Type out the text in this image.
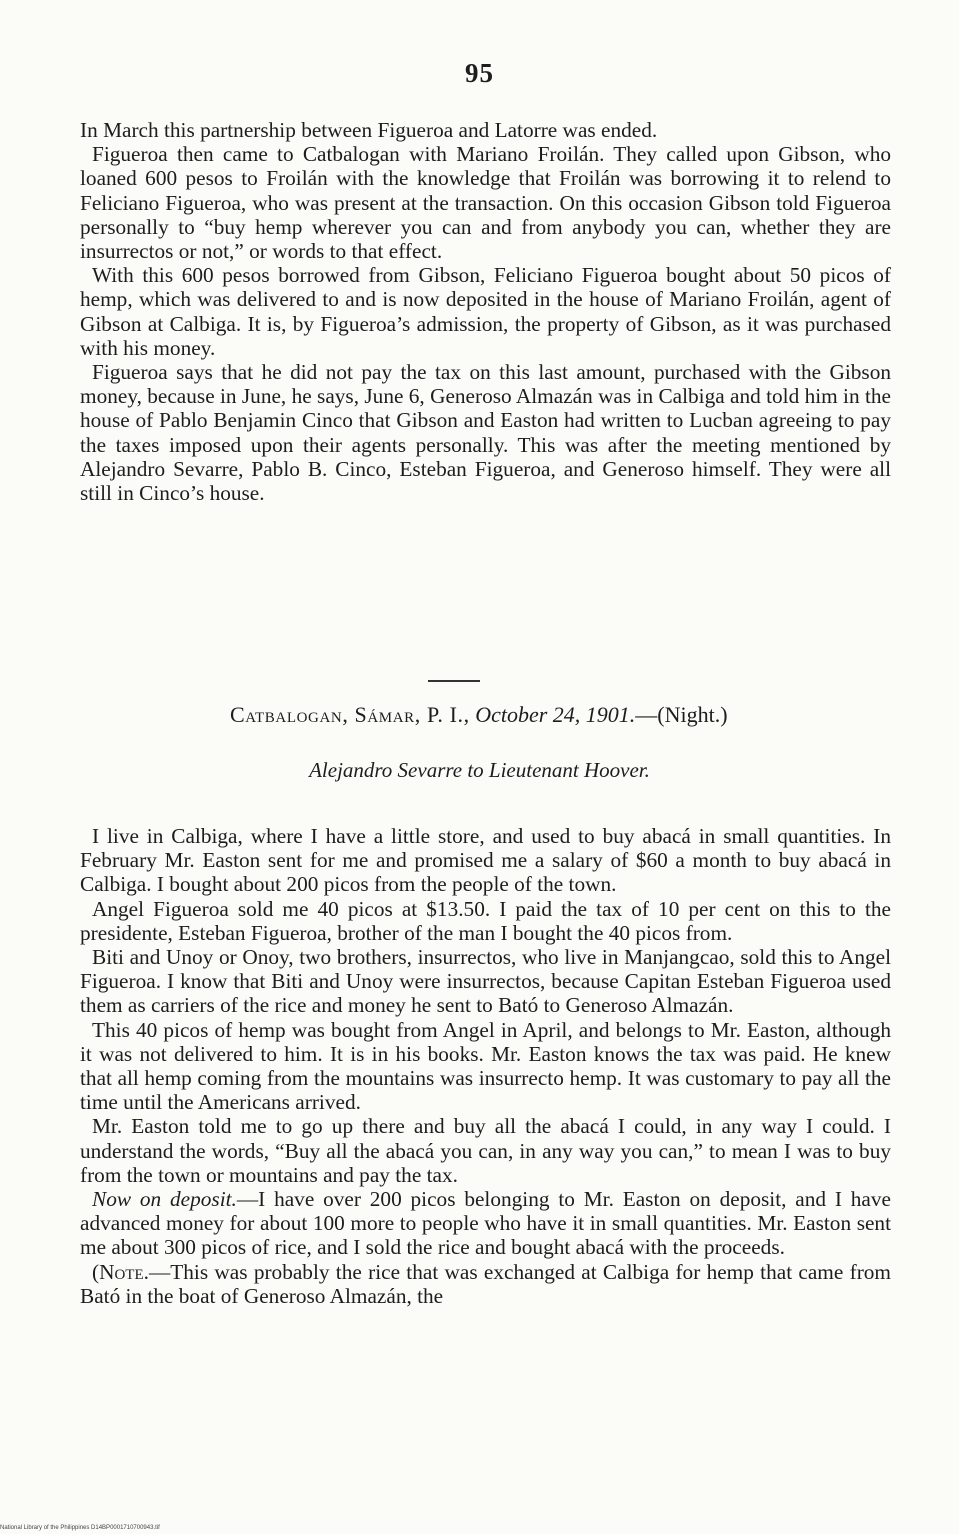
95

In March this partnership between Figueroa and Latorre was ended.

Figueroa then came to Catbalogan with Mariano Froilán. They called upon Gibson, who loaned 600 pesos to Froilán with the knowledge that Froilán was borrowing it to relend to Feliciano Figueroa, who was present at the transaction. On this occasion Gibson told Figueroa personally to “buy hemp wherever you can and from anybody you can, whether they are insurrectos or not,” or words to that effect.

With this 600 pesos borrowed from Gibson, Feliciano Figueroa bought about 50 picos of hemp, which was delivered to and is now deposited in the house of Mariano Froilán, agent of Gibson at Calbiga. It is, by Figueroa’s admission, the property of Gibson, as it was purchased with his money.

Figueroa says that he did not pay the tax on this last amount, purchased with the Gibson money, because in June, he says, June 6, Generoso Almazán was in Calbiga and told him in the house of Pablo Benjamin Cinco that Gibson and Easton had written to Lucban agreeing to pay the taxes imposed upon their agents personally. This was after the meeting mentioned by Alejandro Sevarre, Pablo B. Cinco, Esteban Figueroa, and Generoso himself. They were all still in Cinco’s house.

Catbalogan, Sámar, P. I., October 24, 1901.—(Night.)
Alejandro Sevarre to Lieutenant Hoover.

I live in Calbiga, where I have a little store, and used to buy abacá in small quantities. In February Mr. Easton sent for me and promised me a salary of $60 a month to buy abacá in Calbiga. I bought about 200 picos from the people of the town.

Angel Figueroa sold me 40 picos at $13.50. I paid the tax of 10 per cent on this to the presidente, Esteban Figueroa, brother of the man I bought the 40 picos from.

Biti and Unoy or Onoy, two brothers, insurrectos, who live in Manjangcao, sold this to Angel Figueroa. I know that Biti and Unoy were insurrectos, because Capitan Esteban Figueroa used them as carriers of the rice and money he sent to Bató to Generoso Almazán.

This 40 picos of hemp was bought from Angel in April, and belongs to Mr. Easton, although it was not delivered to him. It is in his books. Mr. Easton knows the tax was paid. He knew that all hemp coming from the mountains was insurrecto hemp. It was customary to pay all the time until the Americans arrived.

Mr. Easton told me to go up there and buy all the abacá I could, in any way I could. I understand the words, “Buy all the abacá you can, in any way you can,” to mean I was to buy from the town or mountains and pay the tax.

Now on deposit.—I have over 200 picos belonging to Mr. Easton on deposit, and I have advanced money for about 100 more to people who have it in small quantities. Mr. Easton sent me about 300 picos of rice, and I sold the rice and bought abacá with the proceeds.

(Note.—This was probably the rice that was exchanged at Calbiga for hemp that came from Bató in the boat of Generoso Almazán, the

National Library of the Philippines D14BP0001710700943.tif
